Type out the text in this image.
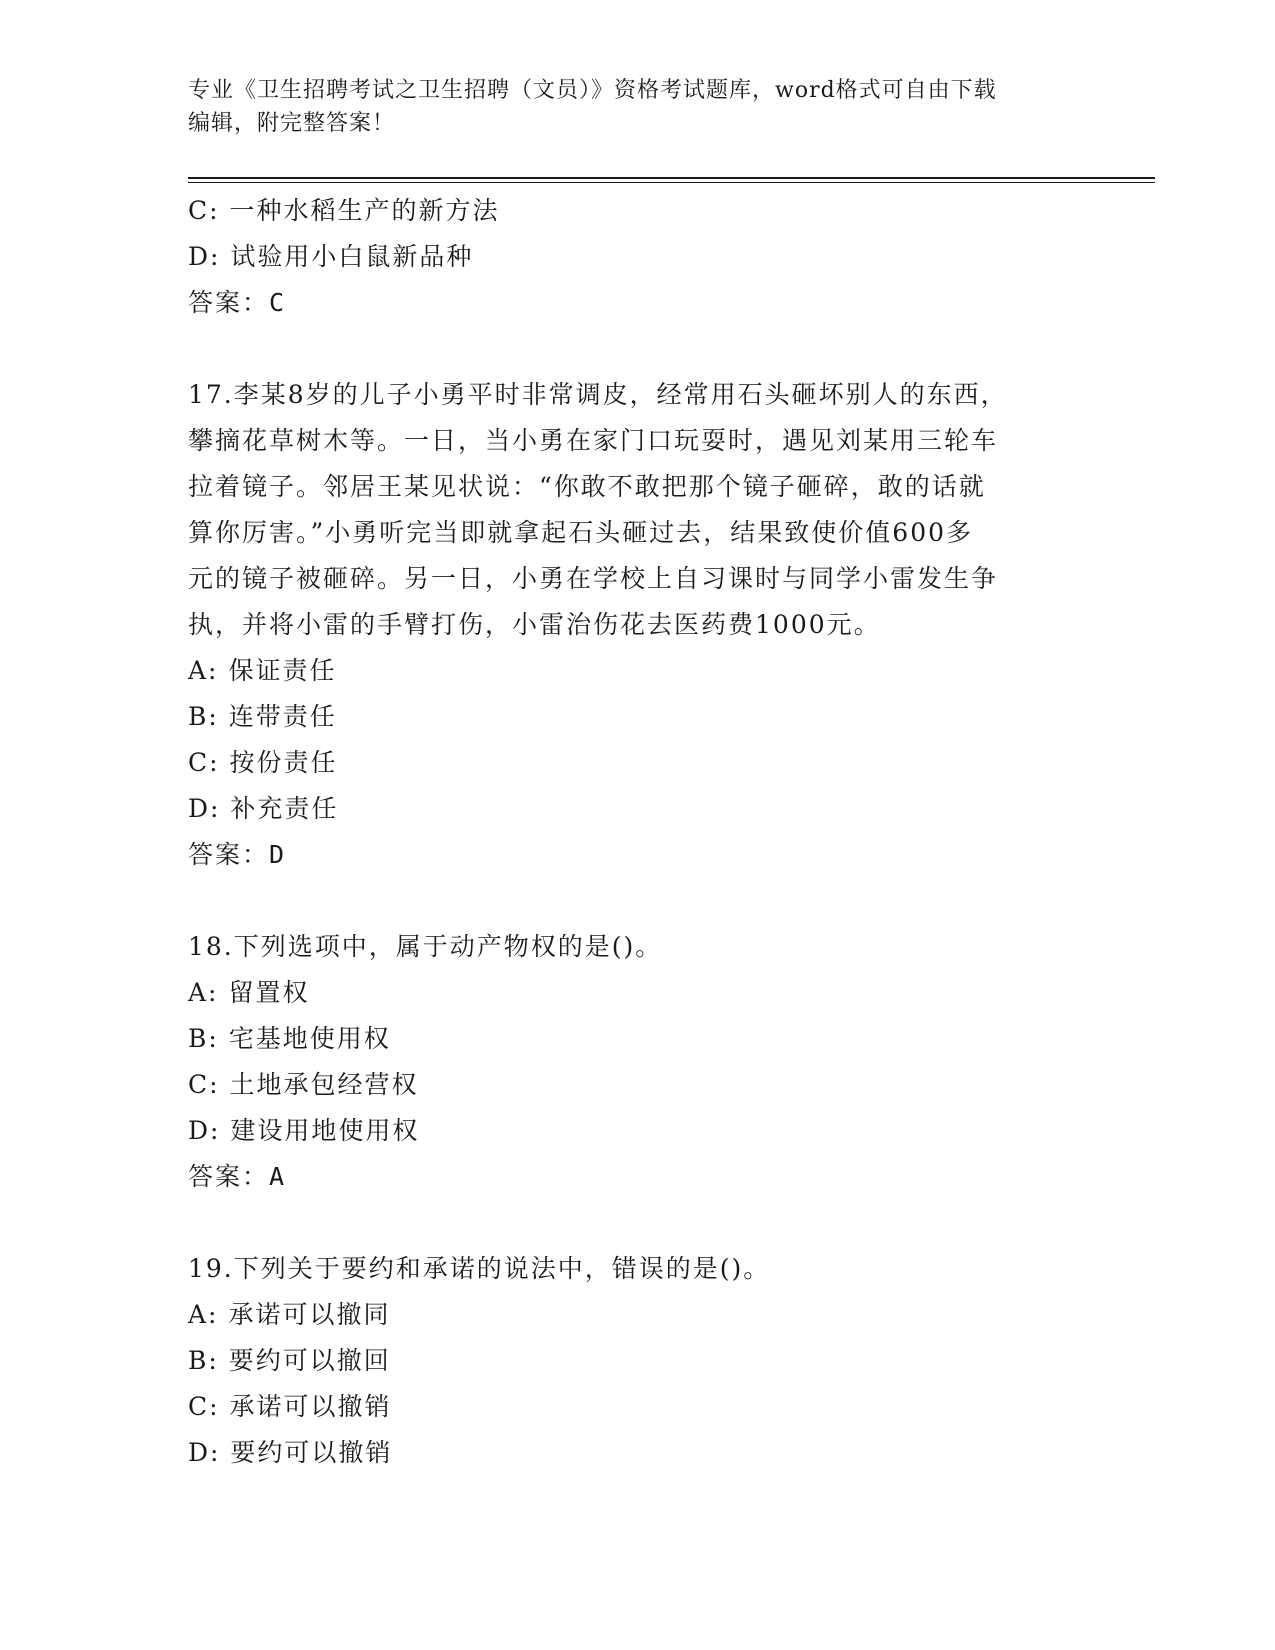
专业《卫生招聘考试之卫生招聘（文员）》资格考试题库，word格式可自由下载
编辑，附完整答案！
C: 一种水稻生产的新方法
D: 试验用小白鼠新品种
答案：C
17.李某8岁的儿子小勇平时非常调皮，经常用石头砸坏别人的东西，
攀摘花草树木等。一日，当小勇在家门口玩耍时，遇见刘某用三轮车
拉着镜子。邻居王某见状说：“你敢不敢把那个镜子砸碎，敢的话就
算你厉害。”小勇听完当即就拿起石头砸过去，结果致使价值600多
元的镜子被砸碎。另一日，小勇在学校上自习课时与同学小雷发生争
执，并将小雷的手臂打伤，小雷治伤花去医药费1000元。
A: 保证责任
B: 连带责任
C: 按份责任
D: 补充责任
答案：D
18.下列选项中，属于动产物权的是()。
A: 留置权
B: 宅基地使用权
C: 土地承包经营权
D: 建设用地使用权
答案：A
19.下列关于要约和承诺的说法中，错误的是()。
A: 承诺可以撤同
B: 要约可以撤回
C: 承诺可以撤销
D: 要约可以撤销
